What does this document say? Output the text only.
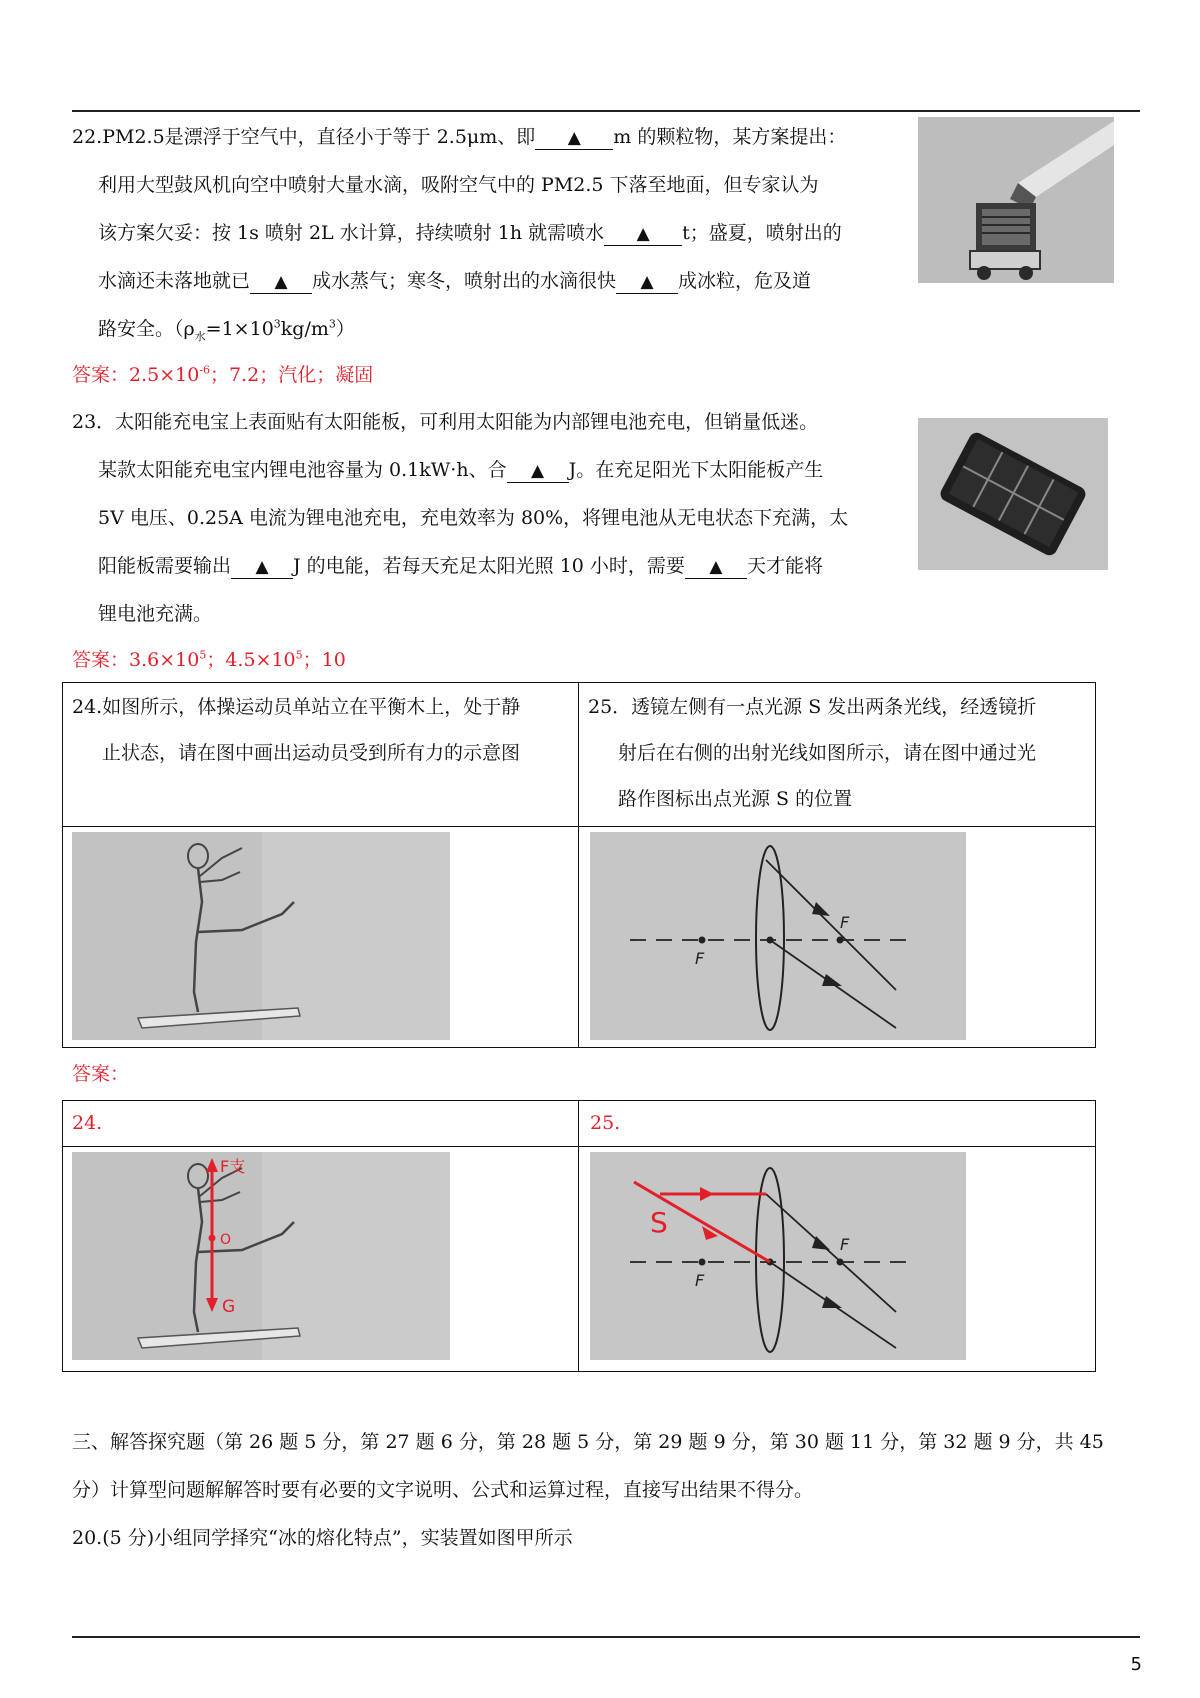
22.PM2.5是漂浮于空气中，直径小于等于 2.5μm、即 ▲ m 的颗粒物，某方案提出：
利用大型鼓风机向空中喷射大量水滴，吸附空气中的 PM2.5 下落至地面，但专家认为
该方案欠妥：按 1s 喷射 2L 水计算，持续喷射 1h 就需喷水 ▲ t；盛夏，喷射出的
水滴还未落地就已 ▲ 成水蒸气；寒冬，喷射出的水滴很快 ▲ 成冰粒，危及道
路安全。$(\rho_水=1\times 10^3kg/m^3)$
答案：$2.5\times 10^{-6}$；7.2；汽化；凝固
23．太阳能充电宝上表面贴有太阳能板，可利用太阳能为内部锂电池充电，但销量低迷。
某款太阳能充电宝内锂电池容量为 0.1kW·h、合 ▲ J。在充足阳光下太阳能板产生
5V 电压、0.25A 电流为锂电池充电，充电效率为 80%，将锂电池从无电状态下充满，太
阳能板需要输出 ▲ J 的电能，若每天充足太阳光照 10 小时，需要 ▲ 天才能将
锂电池充满。
答案：$3.6\times 10^5$；$4.5\times 10^5$；10
24.如图所示，体操运动员单站立在平衡木上，处于静
止状态，请在图中画出运动员受到所有力的示意图
25．透镜左侧有一点光源 S 发出两条光线，经透镜折
射后在右侧的出射光线如图所示，请在图中通过光
路作图标出点光源 S 的位置
F
F
答案：
24.	25.
F支
O
G
F
F
S
三、解答探究题（第 26 题 5 分，第 27 题 6 分，第 28 题 5 分，第 29 题 9 分，第 30 题 11 分，第 32 题 9 分，共 45
分）计算型问题解解答时要有必要的文字说明、公式和运算过程，直接写出结果不得分。
20.(5 分)小组同学择究“冰的熔化特点”，实装置如图甲所示
5
